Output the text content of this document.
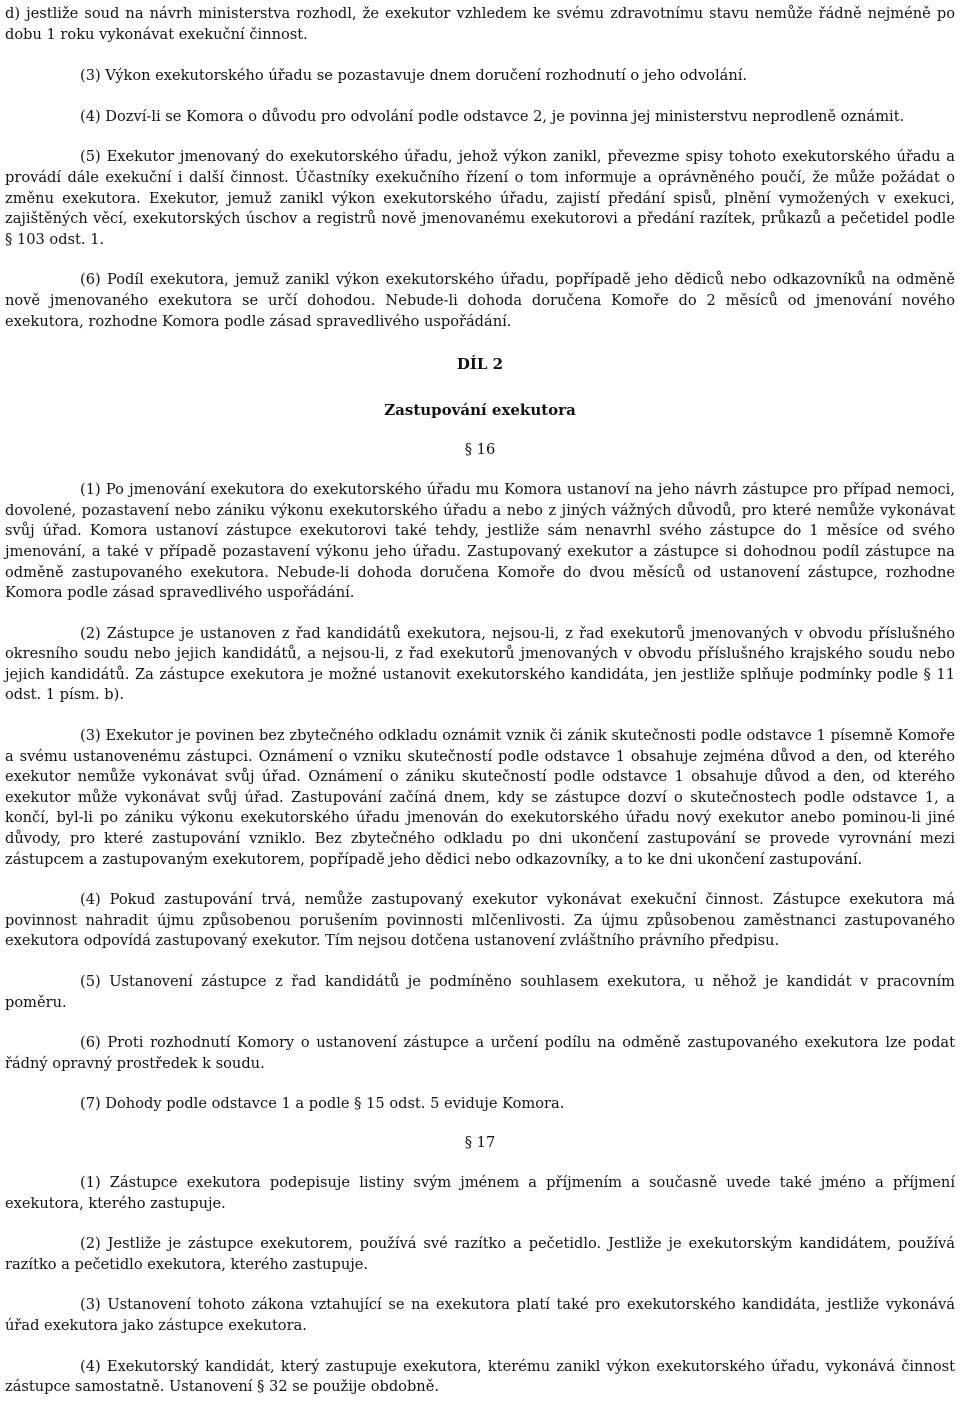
d) jestliže soud na návrh ministerstva rozhodl, že exekutor vzhledem ke svému zdravotnímu stavu nemůže řádně nejméně po dobu 1 roku vykonávat exekuční činnost.

(3) Výkon exekutorského úřadu se pozastavuje dnem doručení rozhodnutí o jeho odvolání.

(4) Dozví-li se Komora o důvodu pro odvolání podle odstavce 2, je povinna jej ministerstvu neprodleně oznámit.

(5) Exekutor jmenovaný do exekutorského úřadu, jehož výkon zanikl, převezme spisy tohoto exekutorského úřadu a provádí dále exekuční i další činnost. Účastníky exekučního řízení o tom informuje a oprávněného poučí, že může požádat o změnu exekutora. Exekutor, jemuž zanikl výkon exekutorského úřadu, zajistí předání spisů, plnění vymožených v exekuci, zajištěných věcí, exekutorských úschov a registrů nově jmenovanému exekutorovi a předání razítek, průkazů a pečetidel podle § 103 odst. 1.

(6) Podíl exekutora, jemuž zanikl výkon exekutorského úřadu, popřípadě jeho dědiců nebo odkazovníků na odměně nově jmenovaného exekutora se určí dohodou. Nebude-li dohoda doručena Komoře do 2 měsíců od jmenování nového exekutora, rozhodne Komora podle zásad spravedlivého uspořádání.

DÍL 2

Zastupování exekutora

§ 16

(1) Po jmenování exekutora do exekutorského úřadu mu Komora ustanoví na jeho návrh zástupce pro případ nemoci, dovolené, pozastavení nebo zániku výkonu exekutorského úřadu a nebo z jiných vážných důvodů, pro které nemůže vykonávat svůj úřad. Komora ustanoví zástupce exekutorovi také tehdy, jestliže sám nenavrhl svého zástupce do 1 měsíce od svého jmenování, a také v případě pozastavení výkonu jeho úřadu. Zastupovaný exekutor a zástupce si dohodnou podíl zástupce na odměně zastupovaného exekutora. Nebude-li dohoda doručena Komoře do dvou měsíců od ustanovení zástupce, rozhodne Komora podle zásad spravedlivého uspořádání.

(2) Zástupce je ustanoven z řad kandidátů exekutora, nejsou-li, z řad exekutorů jmenovaných v obvodu příslušného okresního soudu nebo jejich kandidátů, a nejsou-li, z řad exekutorů jmenovaných v obvodu příslušného krajského soudu nebo jejich kandidátů. Za zástupce exekutora je možné ustanovit exekutorského kandidáta, jen jestliže splňuje podmínky podle § 11 odst. 1 písm. b).

(3) Exekutor je povinen bez zbytečného odkladu oznámit vznik či zánik skutečnosti podle odstavce 1 písemně Komoře a svému ustanovenému zástupci. Oznámení o vzniku skutečností podle odstavce 1 obsahuje zejména důvod a den, od kterého exekutor nemůže vykonávat svůj úřad. Oznámení o zániku skutečností podle odstavce 1 obsahuje důvod a den, od kterého exekutor může vykonávat svůj úřad. Zastupování začíná dnem, kdy se zástupce dozví o skutečnostech podle odstavce 1, a končí, byl-li po zániku výkonu exekutorského úřadu jmenován do exekutorského úřadu nový exekutor anebo pominou-li jiné důvody, pro které zastupování vzniklo. Bez zbytečného odkladu po dni ukončení zastupování se provede vyrovnání mezi zástupcem a zastupovaným exekutorem, popřípadě jeho dědici nebo odkazovníky, a to ke dni ukončení zastupování.

(4) Pokud zastupování trvá, nemůže zastupovaný exekutor vykonávat exekuční činnost. Zástupce exekutora má povinnost nahradit újmu způsobenou porušením povinnosti mlčenlivosti. Za újmu způsobenou zaměstnanci zastupovaného exekutora odpovídá zastupovaný exekutor. Tím nejsou dotčena ustanovení zvláštního právního předpisu.

(5) Ustanovení zástupce z řad kandidátů je podmíněno souhlasem exekutora, u něhož je kandidát v pracovním poměru.

(6) Proti rozhodnutí Komory o ustanovení zástupce a určení podílu na odměně zastupovaného exekutora lze podat řádný opravný prostředek k soudu.

(7) Dohody podle odstavce 1 a podle § 15 odst. 5 eviduje Komora.

§ 17

(1) Zástupce exekutora podepisuje listiny svým jménem a příjmením a současně uvede také jméno a příjmení exekutora, kterého zastupuje.

(2) Jestliže je zástupce exekutorem, používá své razítko a pečetidlo. Jestliže je exekutorským kandidátem, používá razítko a pečetidlo exekutora, kterého zastupuje.

(3) Ustanovení tohoto zákona vztahující se na exekutora platí také pro exekutorského kandidáta, jestliže vykonává úřad exekutora jako zástupce exekutora.

(4) Exekutorský kandidát, který zastupuje exekutora, kterému zanikl výkon exekutorského úřadu, vykonává činnost zástupce samostatně. Ustanovení § 32 se použije obdobně.
